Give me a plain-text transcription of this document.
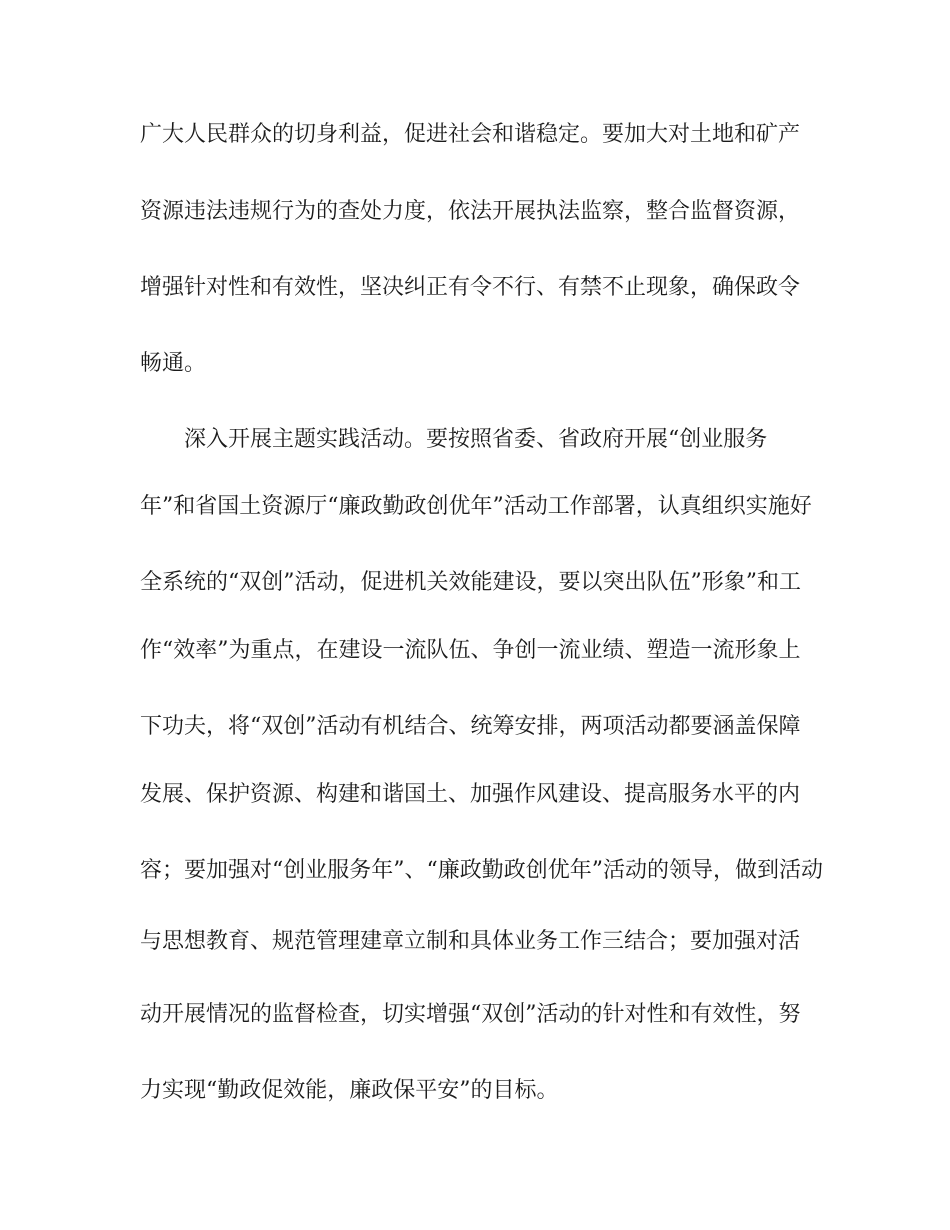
广大人民群众的切身利益，促进社会和谐稳定。要加大对土地和矿产
资源违法违规行为的查处力度，依法开展执法监察，整合监督资源，
增强针对性和有效性，坚决纠正有令不行、有禁不止现象，确保政令
畅通。
深入开展主题实践活动。要按照省委、省政府开展“创业服务
年”和省国土资源厅“廉政勤政创优年”活动工作部署，认真组织实施好
全系统的“双创”活动，促进机关效能建设，要以突出队伍”形象”和工
作“效率”为重点，在建设一流队伍、争创一流业绩、塑造一流形象上
下功夫，将“双创”活动有机结合、统筹安排，两项活动都要涵盖保障
发展、保护资源、构建和谐国土、加强作风建设、提高服务水平的内
容；要加强对“创业服务年”、“廉政勤政创优年”活动的领导，做到活动
与思想教育、规范管理建章立制和具体业务工作三结合；要加强对活
动开展情况的监督检查，切实增强“双创”活动的针对性和有效性，努
力实现“勤政促效能，廉政保平安”的目标。
